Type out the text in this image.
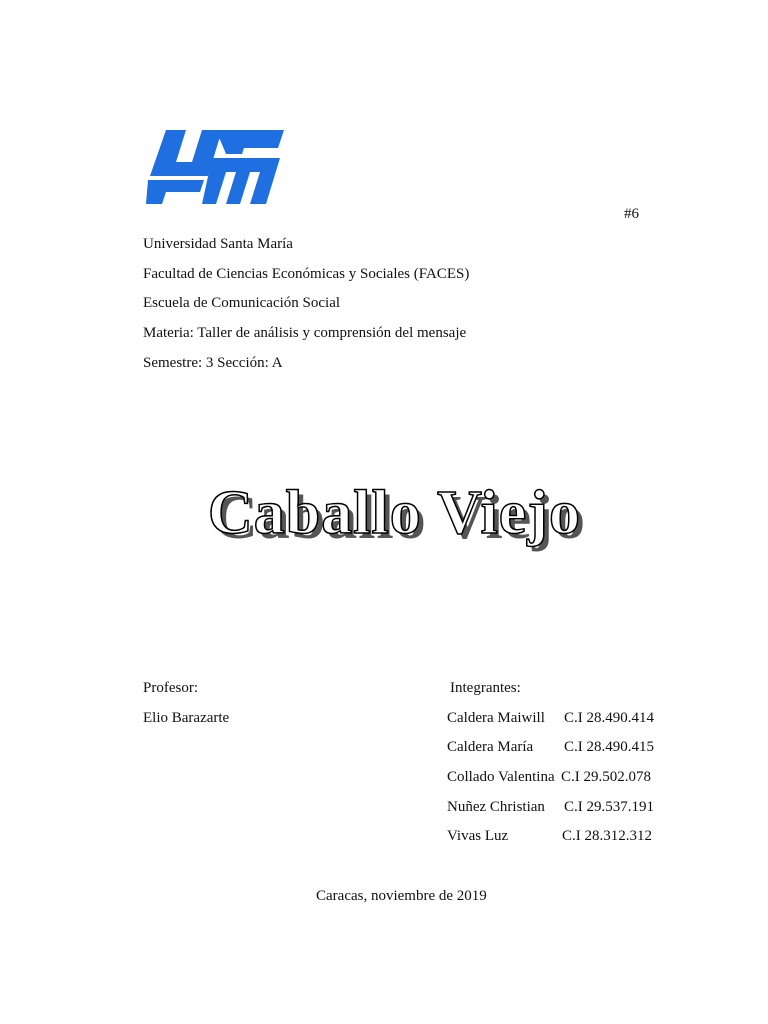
#6
Universidad Santa María
Facultad de Ciencias Económicas y Sociales (FACES)
Escuela de Comunicación Social
Materia: Taller de análisis y comprensión del mensaje
Semestre: 3 Sección: A
Caballo Viejo
Profesor:
Elio Barazarte
Integrantes:
Caldera Maiwill C.I 28.490.414
Caldera María C.I 28.490.415
Collado Valentina C.I 29.502.078
Nuñez Christian C.I 29.537.191
Vivas Luz	C.I 28.312.312
Caracas, noviembre de 2019
